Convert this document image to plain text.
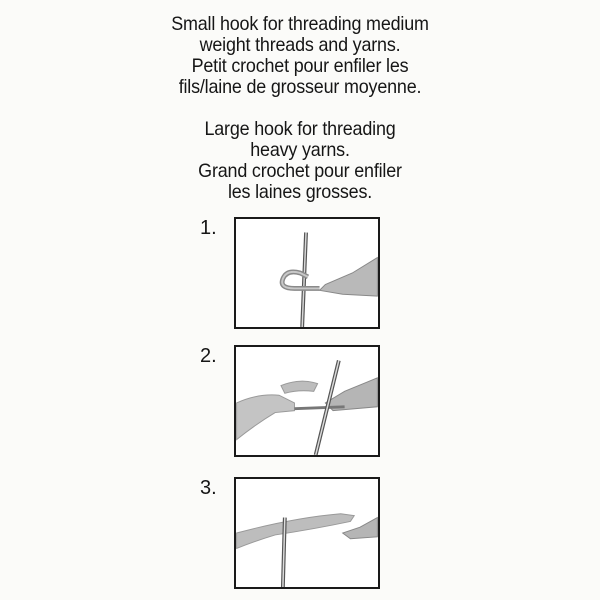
Small hook for threading medium
weight threads and yarns.
Petit crochet pour enfiler les
fils/laine de grosseur moyenne.
Large hook for threading
heavy yarns.
Grand crochet pour enfiler
les laines grosses.
1.
2.
3.
